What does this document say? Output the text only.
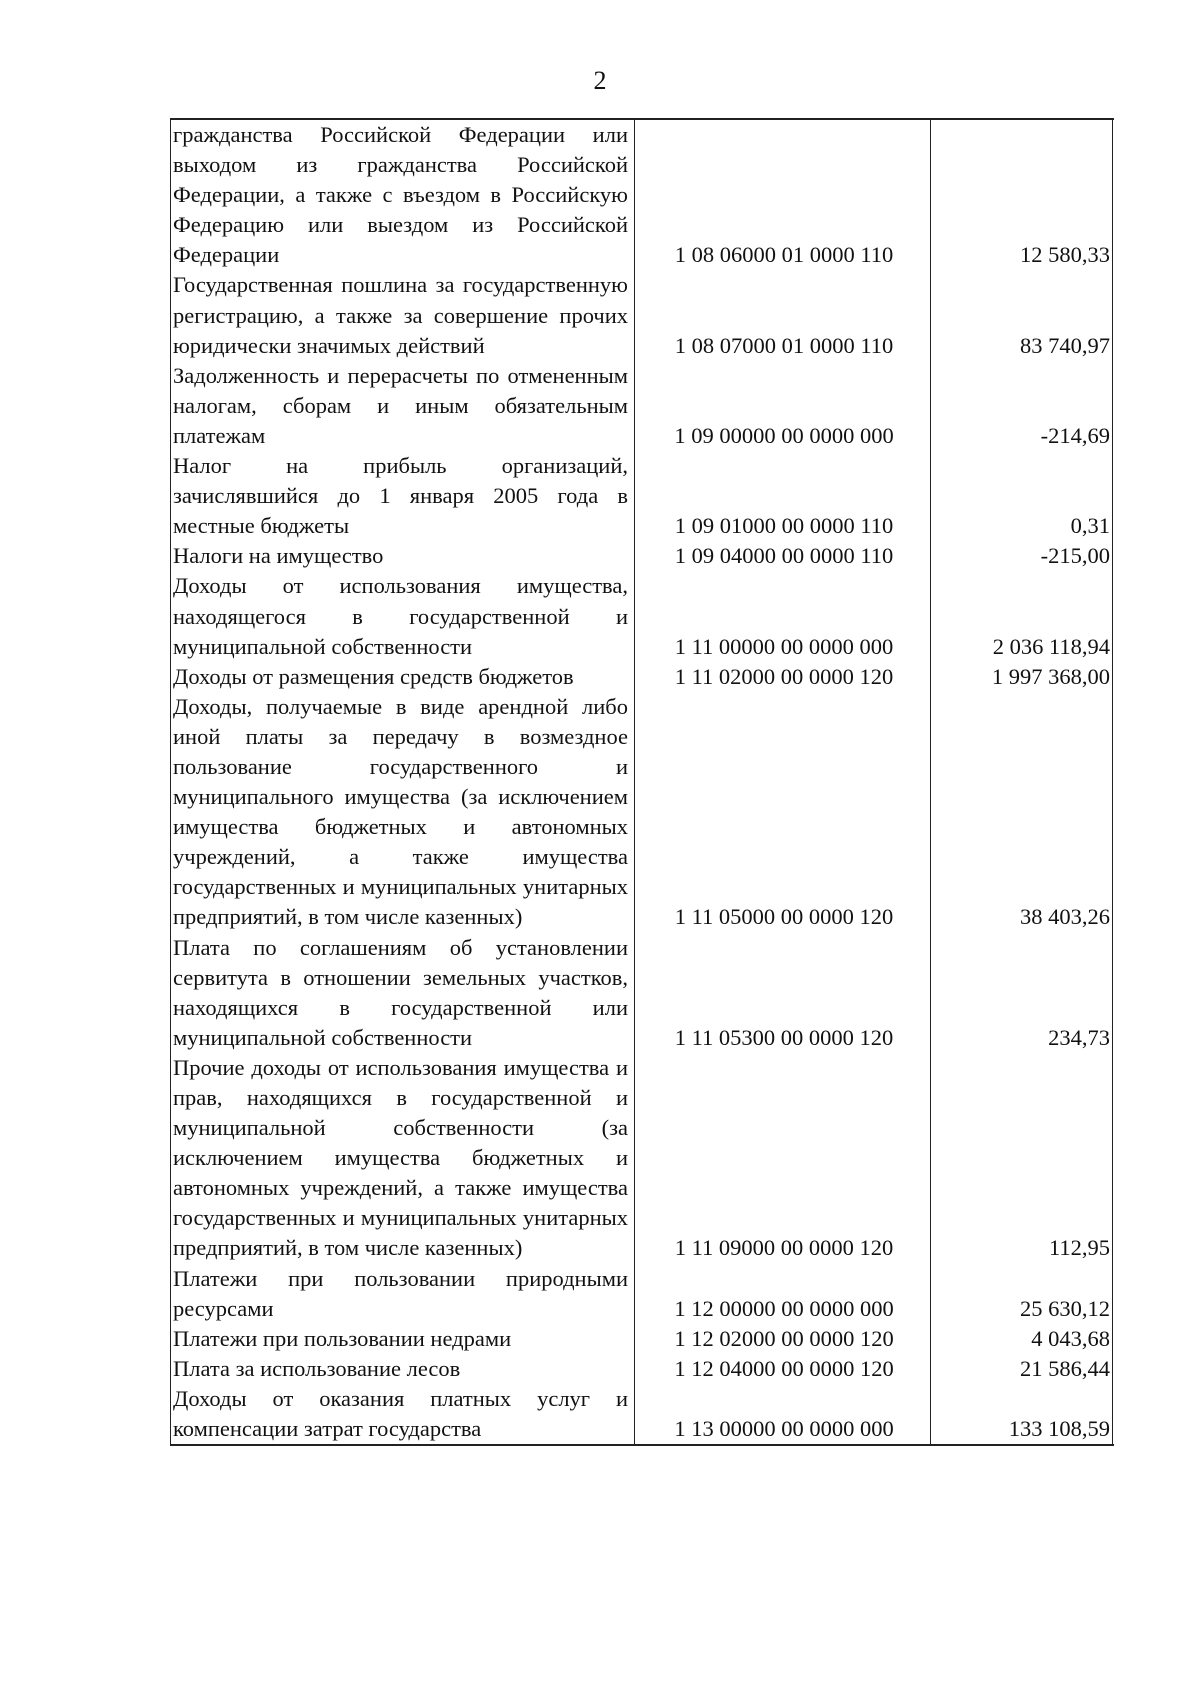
2
гражданства Российской Федерации или выходом из гражданства Российской Федерации, а также с въездом в Российскую Федерацию или выездом из Российской Федерации	1 08 06000 01 0000 110	12 580,33
Государственная пошлина за государственную регистрацию, а также за совершение прочих юридически значимых действий	1 08 07000 01 0000 110	83 740,97
Задолженность и перерасчеты по отмененным налогам, сборам и иным обязательным платежам	1 09 00000 00 0000 000	-214,69
Налог на прибыль организаций, зачислявшийся до 1 января 2005 года в местные бюджеты	1 09 01000 00 0000 110	0,31
Налоги на имущество	1 09 04000 00 0000 110	-215,00
Доходы от использования имущества, находящегося в государственной и муниципальной собственности	1 11 00000 00 0000 000	2 036 118,94
Доходы от размещения средств бюджетов	1 11 02000 00 0000 120	1 997 368,00
Доходы, получаемые в виде арендной либо иной платы за передачу в возмездное пользование государственного и муниципального имущества (за исключением имущества бюджетных и автономных учреждений, а также имущества государственных и муниципальных унитарных предприятий, в том числе казенных)	1 11 05000 00 0000 120	38 403,26
Плата по соглашениям об установлении сервитута в отношении земельных участков, находящихся в государственной или муниципальной собственности	1 11 05300 00 0000 120	234,73
Прочие доходы от использования имущества и прав, находящихся в государственной и муниципальной собственности (за исключением имущества бюджетных и автономных учреждений, а также имущества государственных и муниципальных унитарных предприятий, в том числе казенных)	1 11 09000 00 0000 120	112,95
Платежи при пользовании природными ресурсами	1 12 00000 00 0000 000	25 630,12
Платежи при пользовании недрами	1 12 02000 00 0000 120	4 043,68
Плата за использование лесов	1 12 04000 00 0000 120	21 586,44
Доходы от оказания платных услуг и компенсации затрат государства	1 13 00000 00 0000 000	133 108,59
